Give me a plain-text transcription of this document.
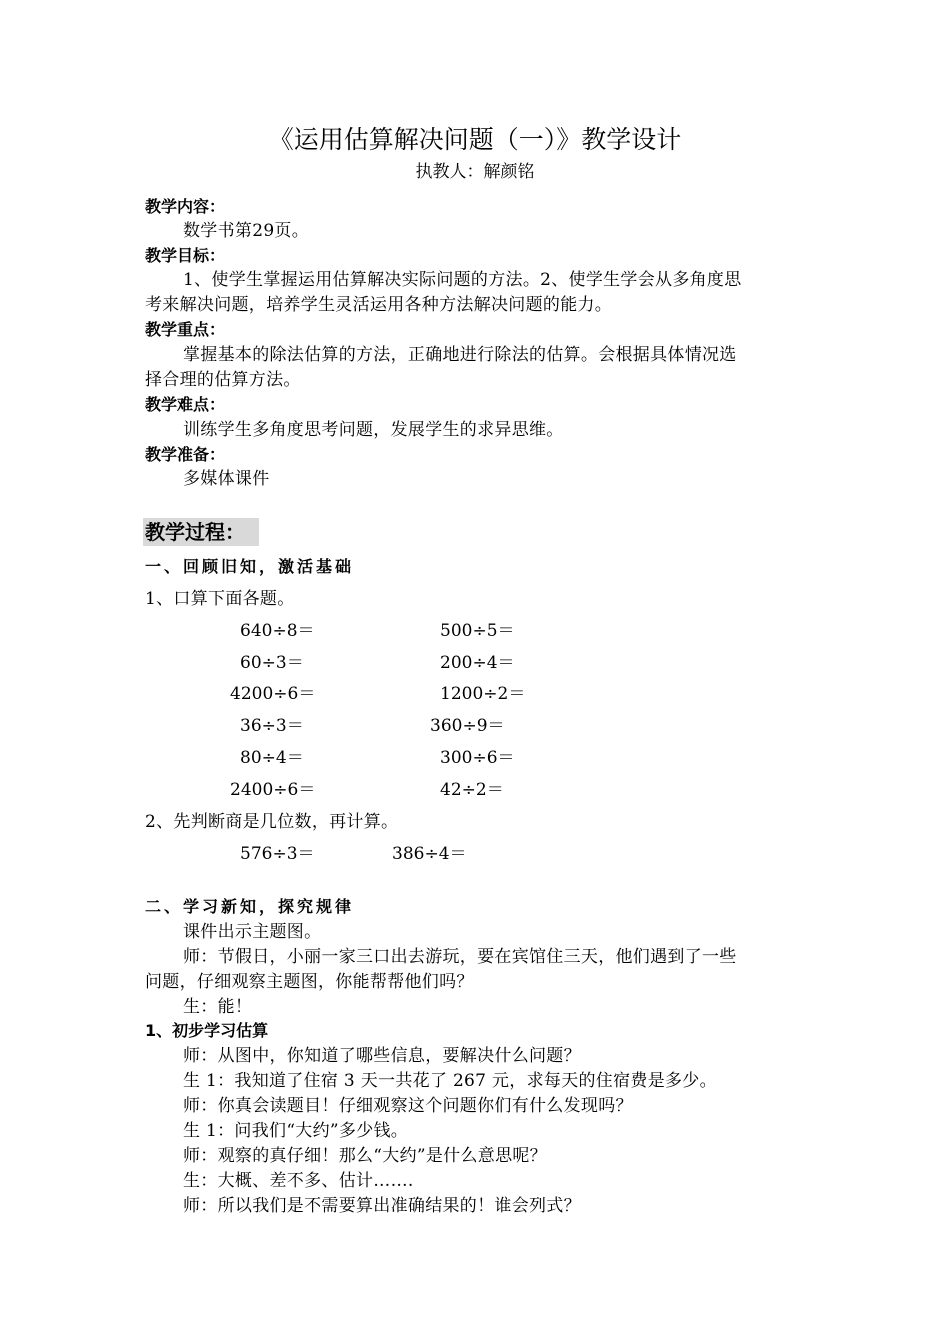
《运用估算解决问题（一）》教学设计
执教人：解颜铭
教学内容：
数学书第29页。
教学目标：
1、使学生掌握运用估算解决实际问题的方法。2、使学生学会从多角度思
考来解决问题，培养学生灵活运用各种方法解决问题的能力。
教学重点：
掌握基本的除法估算的方法，正确地进行除法的估算。会根据具体情况选
择合理的估算方法。
教学难点：
训练学生多角度思考问题，发展学生的求异思维。
教学准备：
多媒体课件
教学过程：
一、回顾旧知，激活基础
1、口算下面各题。
640÷8＝	500÷5＝
60÷3＝	200÷4＝
4200÷6＝	1200÷2＝
36÷3＝	360÷9＝
80÷4＝	300÷6＝
2400÷6＝	42÷2＝
2、先判断商是几位数，再计算。
576÷3＝	386÷4＝
二、学习新知，探究规律
课件出示主题图。
师：节假日，小丽一家三口出去游玩，要在宾馆住三天，他们遇到了一些
问题，仔细观察主题图，你能帮帮他们吗？
生：能！
1、初步学习估算
师：从图中，你知道了哪些信息，要解决什么问题？
生 1：我知道了住宿 3 天一共花了 267 元，求每天的住宿费是多少。
师：你真会读题目！仔细观察这个问题你们有什么发现吗？
生 1：问我们“大约”多少钱。
师：观察的真仔细！那么“大约”是什么意思呢？
生：大概、差不多、估计…….
师：所以我们是不需要算出准确结果的！谁会列式？
